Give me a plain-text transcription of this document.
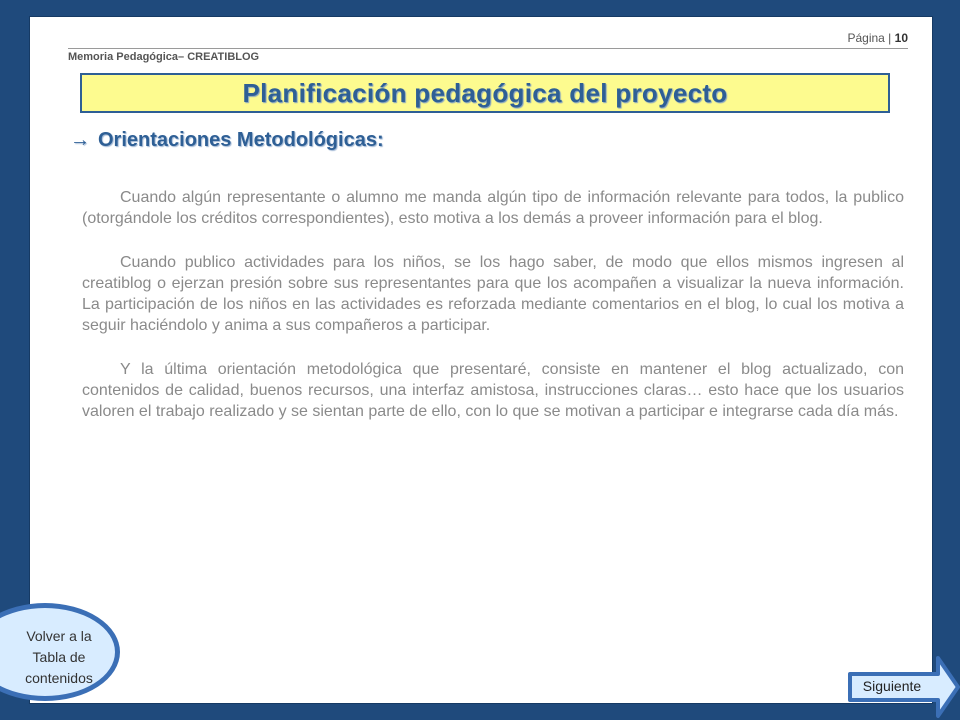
Página | 10
Memoria Pedagógica– CREATIBLOG
Planificación pedagógica del proyecto
→ Orientaciones Metodológicas:

Cuando algún representante o alumno me manda algún tipo de información relevante para todos, la publico (otorgándole los créditos correspondientes), esto motiva a los demás a proveer información para el blog.

Cuando publico actividades para los niños, se los hago saber, de modo que ellos mismos ingresen al creatiblog o ejerzan presión sobre sus representantes para que los acompañen a visualizar la nueva información. La participación de los niños en las actividades es reforzada mediante comentarios en el blog, lo cual los motiva a seguir haciéndolo y anima a sus compañeros a participar.

Y la última orientación metodológica que presentaré, consiste en mantener el blog actualizado, con contenidos de calidad, buenos recursos, una interfaz amistosa, instrucciones claras… esto hace que los usuarios valoren el trabajo realizado y se sientan parte de ello, con lo que se motivan a participar e integrarse cada día más.

Volver a la
Tabla de
contenidos
Siguiente
